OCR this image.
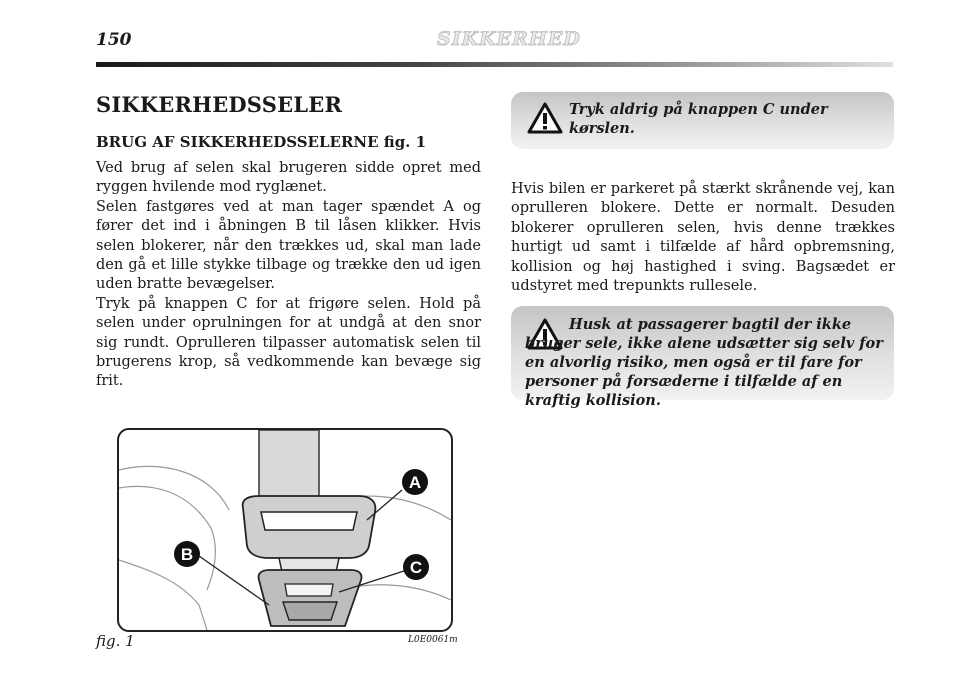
150	SIKKERHED
SIKKERHEDSSELER
BRUG AF SIKKERHEDSSELERNE fig. 1
Ved brug af selen skal brugeren sidde opret med ryggen hvilende mod ryglænet.
Selen fastgøres ved at man tager spændet A og fører det ind i åbningen B til låsen klikker. Hvis selen blokerer, når den trækkes ud, skal man lade den gå et lille stykke tilbage og trække den ud igen uden bratte bevægelser.
Tryk på knappen C for at frigøre selen. Hold på selen under oprulningen for at undgå at den snor sig rundt. Oprulleren tilpasser automatisk selen til brugerens krop, så vedkommende kan bevæge sig frit.
Tryk aldrig på knappen C under kørslen.
Hvis bilen er parkeret på stærkt skrånende vej, kan oprulleren blokere. Dette er normalt. Desuden blokerer oprulleren selen, hvis denne trækkes hurtigt ud samt i tilfælde af hård opbremsning, kollision og høj hastighed i sving. Bagsædet er udstyret med trepunkts rullesele.
Husk at passagerer bagtil der ikke bruger sele, ikke alene udsætter sig selv for en alvorlig risiko, men også er til fare for personer på forsæderne i tilfælde af en kraftig kollision.
A
B
C
fig. 1	L0E0061m
